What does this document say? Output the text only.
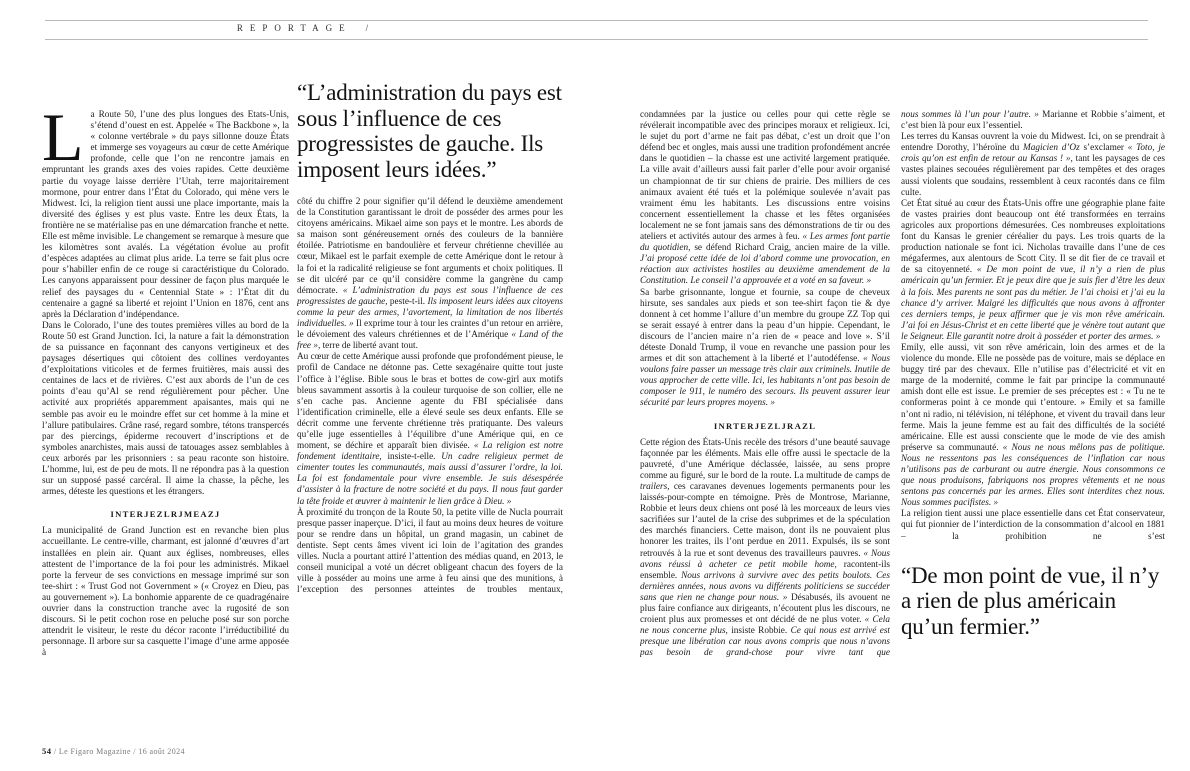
REPORTAGE /

La Route 50, l’une des plus longues des États-Unis, s’étend d’ouest en est. Appelée « The Backbone », la « colonne vertébrale » du pays sillonne douze États et immerge ses voyageurs au cœur de cette Amérique profonde, celle que l’on ne rencontre jamais en empruntant les grands axes des voies rapides. Cette deuxième partie du voyage laisse derrière l’Utah, terre majoritairement mormone, pour entrer dans l’État du Colorado, qui mène vers le Midwest. Ici, la religion tient aussi une place importante, mais la diversité des églises y est plus vaste. Entre les deux États, la frontière ne se matérialise pas en une démarcation franche et nette. Elle est même invisible. Le changement se remarque à mesure que les kilomètres sont avalés. La végétation évolue au profit d’espèces adaptées au climat plus aride. La terre se fait plus ocre pour s’habiller enfin de ce rouge si caractéristique du Colorado. Les canyons apparaissent pour dessiner de façon plus marquée le relief des paysages du « Centennial State » : l’État dit du centenaire a gagné sa liberté et rejoint l’Union en 1876, cent ans après la Déclaration d’indépendance.

Dans le Colorado, l’une des toutes premières villes au bord de la Route 50 est Grand Junction. Ici, la nature a fait la démonstration de sa puissance en façonnant des canyons vertigineux et des paysages désertiques qui côtoient des collines verdoyantes d’exploitations viticoles et de fermes fruitières, mais aussi des centaines de lacs et de rivières. C’est aux abords de l’un de ces points d’eau qu’Al se rend régulièrement pour pêcher. Une activité aux propriétés apparemment apaisantes, mais qui ne semble pas avoir eu le moindre effet sur cet homme à la mine et l’allure patibulaires. Crâne rasé, regard sombre, tétons transpercés par des piercings, épiderme recouvert d’inscriptions et de symboles anarchistes, mais aussi de tatouages assez semblables à ceux arborés par les prisonniers : sa peau raconte son histoire. L’homme, lui, est de peu de mots. Il ne répondra pas à la question sur un supposé passé carcéral. Il aime la chasse, la pêche, les armes, déteste les questions et les étrangers.

INTERJEZLRJMEAZJ

La municipalité de Grand Junction est en revanche bien plus accueillante. Le centre-ville, charmant, est jalonné d’œuvres d’art installées en plein air. Quant aux églises, nombreuses, elles attestent de l’importance de la foi pour les administrés. Mikael porte la ferveur de ses convictions en message imprimé sur son tee-shirt : « Trust God not Government » (« Croyez en Dieu, pas au gouvernement »). La bonhomie apparente de ce quadragénaire ouvrier dans la construction tranche avec la rugosité de son discours. Si le petit cochon rose en peluche posé sur son porche attendrit le visiteur, le reste du décor raconte l’irréductibilité du personnage. Il arbore sur sa casquette l’image d’une arme apposée à

“L’administration du pays est sous l’influence de ces progressistes de gauche. Ils imposent leurs idées.”

côté du chiffre 2 pour signifier qu’il défend le deuxième amendement de la Constitution garantissant le droit de posséder des armes pour les citoyens américains. Mikael aime son pays et le montre. Les abords de sa maison sont généreusement ornés des couleurs de la bannière étoilée. Patriotisme en bandoulière et ferveur chrétienne chevillée au cœur, Mikael est le parfait exemple de cette Amérique dont le retour à la foi et la radicalité religieuse se font arguments et choix politiques. Il se dit ulcéré par ce qu’il considère comme la gangrène du camp démocrate. « L’administration du pays est sous l’influence de ces progressistes de gauche, peste-t-il. Ils imposent leurs idées aux citoyens comme la peur des armes, l’avortement, la limitation de nos libertés individuelles. » Il exprime tour à tour les craintes d’un retour en arrière, le dévoiement des valeurs chrétiennes et de l’Amérique « Land of the free », terre de liberté avant tout.

Au cœur de cette Amérique aussi profonde que profondément pieuse, le profil de Candace ne détonne pas. Cette sexagénaire quitte tout juste l’office à l’église. Bible sous le bras et bottes de cow-girl aux motifs bleus savamment assortis à la couleur turquoise de son collier, elle ne s’en cache pas. Ancienne agente du FBI spécialisée dans l’identification criminelle, elle a élevé seule ses deux enfants. Elle se décrit comme une fervente chrétienne très pratiquante. Des valeurs qu’elle juge essentielles à l’équilibre d’une Amérique qui, en ce moment, se déchire et apparaît bien divisée. « La religion est notre fondement identitaire, insiste-t-elle. Un cadre religieux permet de cimenter toutes les communautés, mais aussi d’assurer l’ordre, la loi. La foi est fondamentale pour vivre ensemble. Je suis désespérée d’assister à la fracture de notre société et du pays. Il nous faut garder la tête froide et œuvrer à maintenir le lien grâce à Dieu. »

À proximité du tronçon de la Route 50, la petite ville de Nucla pourrait presque passer inaperçue. D’ici, il faut au moins deux heures de voiture pour se rendre dans un hôpital, un grand magasin, un cabinet de dentiste. Sept cents âmes vivent ici loin de l’agitation des grandes villes. Nucla a pourtant attiré l’attention des médias quand, en 2013, le conseil municipal a voté un décret obligeant chacun des foyers de la ville à posséder au moins une arme à feu ainsi que des munitions, à l’exception des personnes atteintes de troubles mentaux,

condamnées par la justice ou celles pour qui cette règle se révélerait incompatible avec des principes moraux et religieux. Ici, le sujet du port d’arme ne fait pas débat, c’est un droit que l’on défend bec et ongles, mais aussi une tradition profondément ancrée dans le quotidien – la chasse est une activité largement pratiquée. La ville avait d’ailleurs aussi fait parler d’elle pour avoir organisé un championnat de tir sur chiens de prairie. Des milliers de ces animaux avaient été tués et la polémique soulevée n’avait pas vraiment ému les habitants. Les discussions entre voisins concernent essentiellement la chasse et les fêtes organisées localement ne se font jamais sans des démonstrations de tir ou des ateliers et activités autour des armes à feu. « Les armes font partie du quotidien, se défend Richard Craig, ancien maire de la ville. J’ai proposé cette idée de loi d’abord comme une provocation, en réaction aux activistes hostiles au deuxième amendement de la Constitution. Le conseil l’a approuvée et a voté en sa faveur. »

Sa barbe grisonnante, longue et fournie, sa coupe de cheveux hirsute, ses sandales aux pieds et son tee-shirt façon tie & dye donnent à cet homme l’allure d’un membre du groupe ZZ Top qui se serait essayé à entrer dans la peau d’un hippie. Cependant, le discours de l’ancien maire n’a rien de « peace and love ». S’il déteste Donald Trump, il voue en revanche une passion pour les armes et dit son attachement à la liberté et l’autodéfense. « Nous voulons faire passer un message très clair aux criminels. Inutile de vous approcher de cette ville. Ici, les habitants n’ont pas besoin de composer le 911, le numéro des secours. Ils peuvent assurer leur sécurité par leurs propres moyens. »

INRTERJEZLJRAZL

Cette région des États-Unis recèle des trésors d’une beauté sauvage façonnée par les éléments. Mais elle offre aussi le spectacle de la pauvreté, d’une Amérique déclassée, laissée, au sens propre comme au figuré, sur le bord de la route. La multitude de camps de trailers, ces caravanes devenues logements permanents pour les laissés-pour-compte en témoigne. Près de Montrose, Marianne, Robbie et leurs deux chiens ont posé là les morceaux de leurs vies sacrifiées sur l’autel de la crise des subprimes et de la spéculation des marchés financiers. Cette maison, dont ils ne pouvaient plus honorer les traites, ils l’ont perdue en 2011. Expulsés, ils se sont retrouvés à la rue et sont devenus des travailleurs pauvres. « Nous avons réussi à acheter ce petit mobile home, racontent-ils ensemble. Nous arrivons à survivre avec des petits boulots. Ces dernières années, nous avons vu différents politiciens se succéder sans que rien ne change pour nous. » Désabusés, ils avouent ne plus faire confiance aux dirigeants, n’écoutent plus les discours, ne croient plus aux promesses et ont décidé de ne plus voter. « Cela ne nous concerne plus, insiste Robbie. Ce qui nous est arrivé est presque une libération car nous avons compris que nous n’avons pas besoin de grand-chose pour vivre tant que

nous sommes là l’un pour l’autre. » Marianne et Robbie s’aiment, et c’est bien là pour eux l’essentiel.

Les terres du Kansas ouvrent la voie du Midwest. Ici, on se prendrait à entendre Dorothy, l’héroïne du Magicien d’Oz s’exclamer « Toto, je crois qu’on est enfin de retour au Kansas ! », tant les paysages de ces vastes plaines secouées régulièrement par des tempêtes et des orages aussi violents que soudains, ressemblent à ceux racontés dans ce film culte.

Cet État situé au cœur des États-Unis offre une géographie plane faite de vastes prairies dont beaucoup ont été transformées en terrains agricoles aux proportions démesurées. Ces nombreuses exploitations font du Kansas le grenier céréalier du pays. Les trois quarts de la production nationale se font ici. Nicholas travaille dans l’une de ces mégafermes, aux alentours de Scott City. Il se dit fier de ce travail et de sa citoyenneté. « De mon point de vue, il n’y a rien de plus américain qu’un fermier. Et je peux dire que je suis fier d’être les deux à la fois. Mes parents ne sont pas du métier. Je l’ai choisi et j’ai eu la chance d’y arriver. Malgré les difficultés que nous avons à affronter ces derniers temps, je peux affirmer que je vis mon rêve américain. J’ai foi en Jésus-Christ et en cette liberté que je vénère tout autant que le Seigneur. Elle garantit notre droit à posséder et porter des armes. »

Emily, elle aussi, vit son rêve américain, loin des armes et de la violence du monde. Elle ne possède pas de voiture, mais se déplace en buggy tiré par des chevaux. Elle n’utilise pas d’électricité et vit en marge de la modernité, comme le fait par principe la communauté amish dont elle est issue. Le premier de ses préceptes est : « Tu ne te conformeras point à ce monde qui t’entoure. » Emily et sa famille n’ont ni radio, ni télévision, ni téléphone, et vivent du travail dans leur ferme. Mais la jeune femme est au fait des difficultés de la société américaine. Elle est aussi consciente que le mode de vie des amish préserve sa communauté. « Nous ne nous mêlons pas de politique. Nous ne ressentons pas les conséquences de l’inflation car nous n’utilisons pas de carburant ou autre énergie. Nous consommons ce que nous produisons, fabriquons nos propres vêtements et ne nous sentons pas concernés par les armes. Elles sont interdites chez nous. Nous sommes pacifistes. »

La religion tient aussi une place essentielle dans cet État conservateur, qui fut pionnier de l’interdiction de la consommation d’alcool en 1881 – la prohibition ne s’est

“De mon point de vue, il n’y a rien de plus américain qu’un fermier.”
54 / Le Figaro Magazine / 16 août 2024
